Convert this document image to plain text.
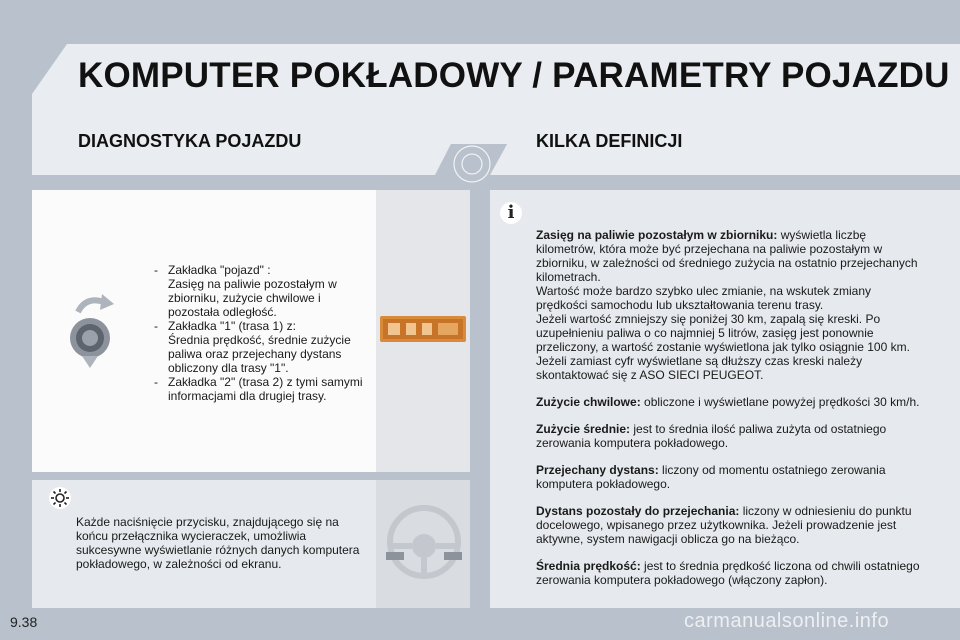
KOMPUTER POKŁADOWY / PARAMETRY POJAZDU
DIAGNOSTYKA POJAZDU	KILKA DEFINICJI
- Zakładka "pojazd" :
Zasięg na paliwie pozostałym w zbiorniku, zużycie chwilowe i pozostała odległość.
- Zakładka "1" (trasa 1) z:
Średnia prędkość, średnie zużycie paliwa oraz przejechany dystans obliczony dla trasy "1".
- Zakładka "2" (trasa 2) z tymi samymi informacjami dla drugiej trasy.

Każde naciśnięcie przycisku, znajdującego się na końcu przełącznika wycieraczek, umożliwia sukcesywne wyświetlanie różnych danych komputera pokładowego, w zależności od ekranu.

i

Zasięg na paliwie pozostałym w zbiorniku: wyświetla liczbę kilometrów, która może być przejechana na paliwie pozostałym w zbiorniku, w zależności od średniego zużycia na ostatnio przejechanych kilometrach.
Wartość może bardzo szybko ulec zmianie, na wskutek zmiany prędkości samochodu lub ukształtowania terenu trasy.
Jeżeli wartość zmniejszy się poniżej 30 km, zapalą się kreski. Po uzupełnieniu paliwa o co najmniej 5 litrów, zasięg jest ponownie przeliczony, a wartość zostanie wyświetlona jak tylko osiągnie 100 km.
Jeżeli zamiast cyfr wyświetlane są dłuższy czas kreski należy skontaktować się z ASO SIECI PEUGEOT.

Zużycie chwilowe: obliczone i wyświetlane powyżej prędkości 30 km/h.

Zużycie średnie: jest to średnia ilość paliwa zużyta od ostatniego zerowania komputera pokładowego.

Przejechany dystans: liczony od momentu ostatniego zerowania komputera pokładowego.

Dystans pozostały do przejechania: liczony w odniesieniu do punktu docelowego, wpisanego przez użytkownika. Jeżeli prowadzenie jest aktywne, system nawigacji oblicza go na bieżąco.

Średnia prędkość: jest to średnia prędkość liczona od chwili ostatniego zerowania komputera pokładowego (włączony zapłon).

9.38	carmanualsonline.info
